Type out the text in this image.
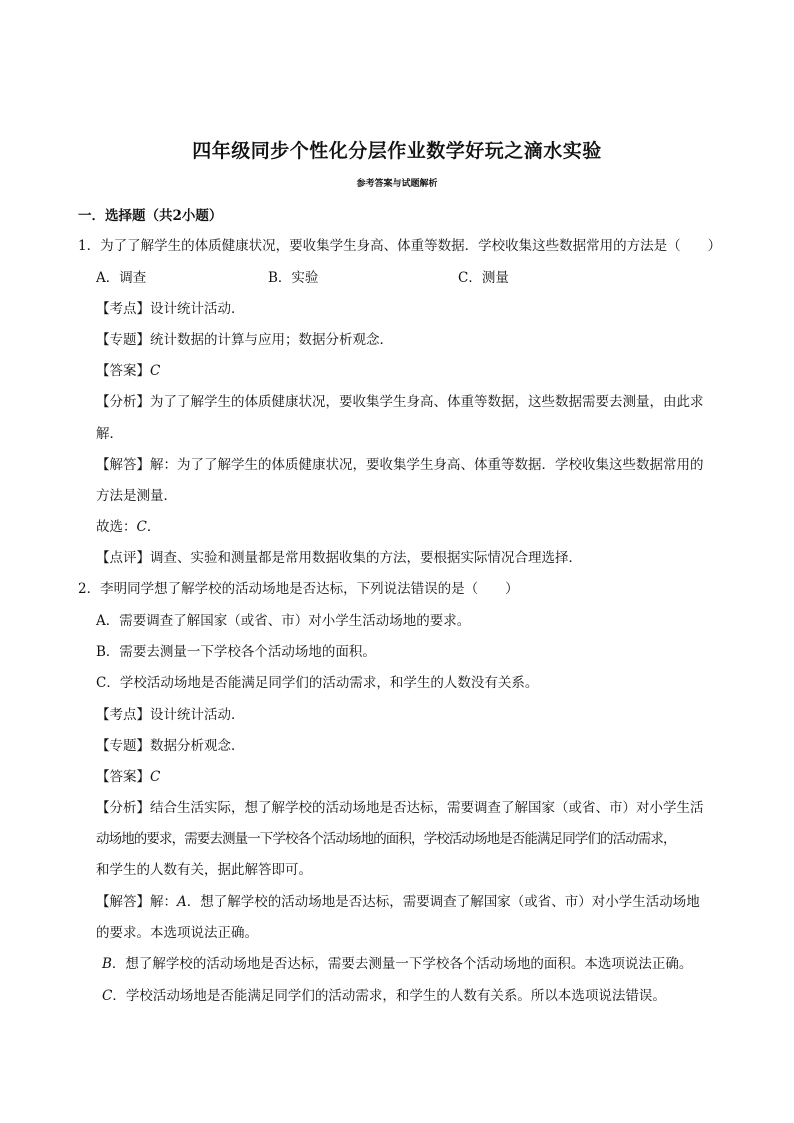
四年级同步个性化分层作业数学好玩之滴水实验
参考答案与试题解析
一．选择题（共2小题）
1．为了了解学生的体质健康状况，要收集学生身高、体重等数据．学校收集这些数据常用的方法是（　　）
A．调查	B．实验	C．测量
【考点】设计统计活动．
【专题】统计数据的计算与应用；数据分析观念．
【答案】C
【分析】为了了解学生的体质健康状况，要收集学生身高、体重等数据，这些数据需要去测量，由此求
解．
【解答】解：为了了解学生的体质健康状况，要收集学生身高、体重等数据．学校收集这些数据常用的
方法是测量．
故选：C．
【点评】调查、实验和测量都是常用数据收集的方法，要根据实际情况合理选择．
2．李明同学想了解学校的活动场地是否达标，下列说法错误的是（　　）
A．需要调查了解国家（或省、市）对小学生活动场地的要求。
B．需要去测量一下学校各个活动场地的面积。
C．学校活动场地是否能满足同学们的活动需求，和学生的人数没有关系。
【考点】设计统计活动．
【专题】数据分析观念．
【答案】C
【分析】结合生活实际，想了解学校的活动场地是否达标，需要调查了解国家（或省、市）对小学生活
动场地的要求，需要去测量一下学校各个活动场地的面积，学校活动场地是否能满足同学们的活动需求，
和学生的人数有关，据此解答即可。
【解答】解：A．想了解学校的活动场地是否达标，需要调查了解国家（或省、市）对小学生活动场地
的要求。本选项说法正确。
B．想了解学校的活动场地是否达标，需要去测量一下学校各个活动场地的面积。本选项说法正确。
C．学校活动场地是否能满足同学们的活动需求，和学生的人数有关系。所以本选项说法错误。
